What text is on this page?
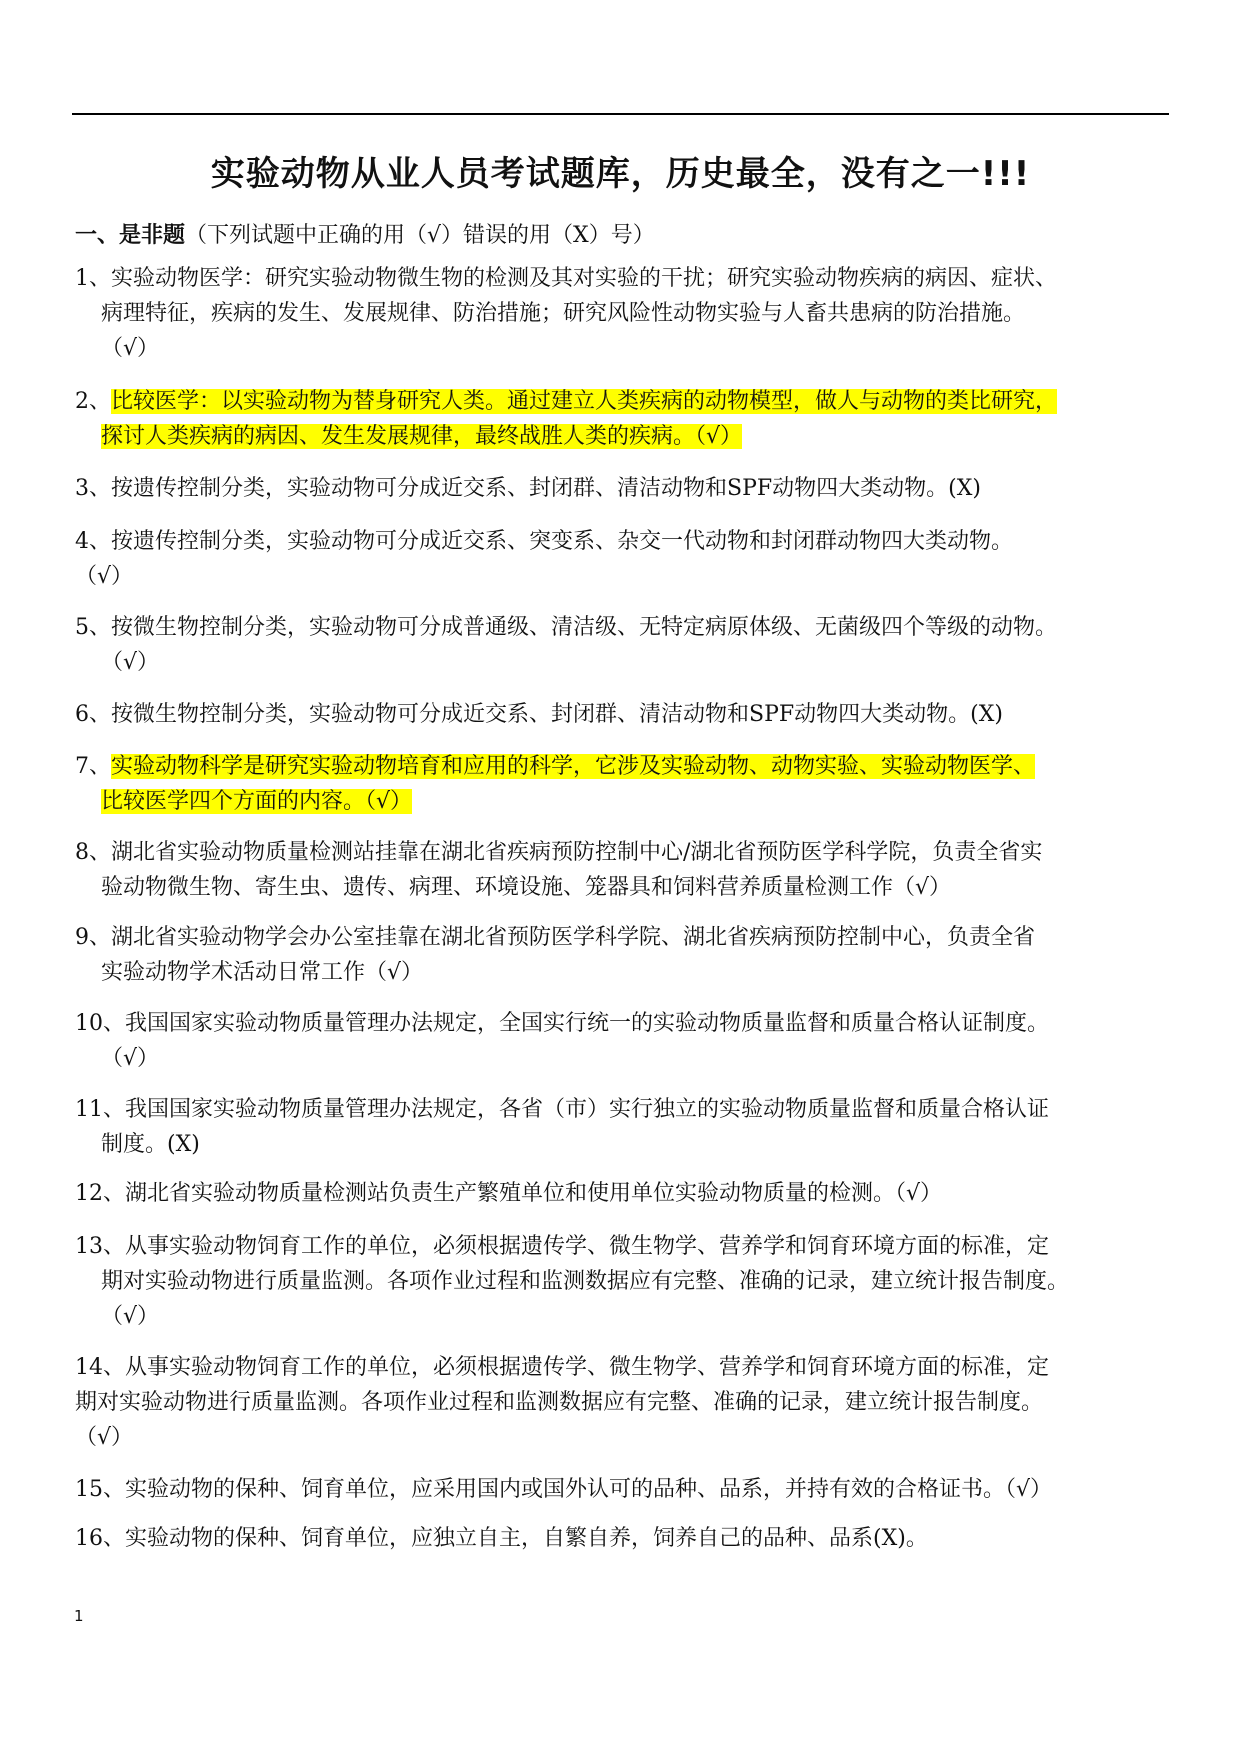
实验动物从业人员考试题库，历史最全，没有之一!!!
一、是非题（下列试题中正确的用（√）错误的用（X）号）

1、实验动物医学：研究实验动物微生物的检测及其对实验的干扰；研究实验动物疾病的病因、症状、
病理特征，疾病的发生、发展规律、防治措施；研究风险性动物实验与人畜共患病的防治措施。
（√）

2、比较医学：以实验动物为替身研究人类。通过建立人类疾病的动物模型，做人与动物的类比研究，
探讨人类疾病的病因、发生发展规律，最终战胜人类的疾病。（√）

3、按遗传控制分类，实验动物可分成近交系、封闭群、清洁动物和SPF动物四大类动物。(X)

4、按遗传控制分类，实验动物可分成近交系、突变系、杂交一代动物和封闭群动物四大类动物。
（√）

5、按微生物控制分类，实验动物可分成普通级、清洁级、无特定病原体级、无菌级四个等级的动物。
（√）

6、按微生物控制分类，实验动物可分成近交系、封闭群、清洁动物和SPF动物四大类动物。(X)

7、实验动物科学是研究实验动物培育和应用的科学，它涉及实验动物、动物实验、实验动物医学、
比较医学四个方面的内容。（√）

8、湖北省实验动物质量检测站挂靠在湖北省疾病预防控制中心/湖北省预防医学科学院，负责全省实
验动物微生物、寄生虫、遗传、病理、环境设施、笼器具和饲料营养质量检测工作（√）

9、湖北省实验动物学会办公室挂靠在湖北省预防医学科学院、湖北省疾病预防控制中心，负责全省
实验动物学术活动日常工作（√）

10、我国国家实验动物质量管理办法规定，全国实行统一的实验动物质量监督和质量合格认证制度。
（√）

11、我国国家实验动物质量管理办法规定，各省（市）实行独立的实验动物质量监督和质量合格认证
制度。(X)

12、湖北省实验动物质量检测站负责生产繁殖单位和使用单位实验动物质量的检测。（√）

13、从事实验动物饲育工作的单位，必须根据遗传学、微生物学、营养学和饲育环境方面的标准，定
期对实验动物进行质量监测。各项作业过程和监测数据应有完整、准确的记录，建立统计报告制度。
（√）

14、从事实验动物饲育工作的单位，必须根据遗传学、微生物学、营养学和饲育环境方面的标准，定
期对实验动物进行质量监测。各项作业过程和监测数据应有完整、准确的记录，建立统计报告制度。
（√）

15、实验动物的保种、饲育单位，应采用国内或国外认可的品种、品系，并持有效的合格证书。（√）

16、实验动物的保种、饲育单位，应独立自主，自繁自养，饲养自己的品种、品系(X)。

1
